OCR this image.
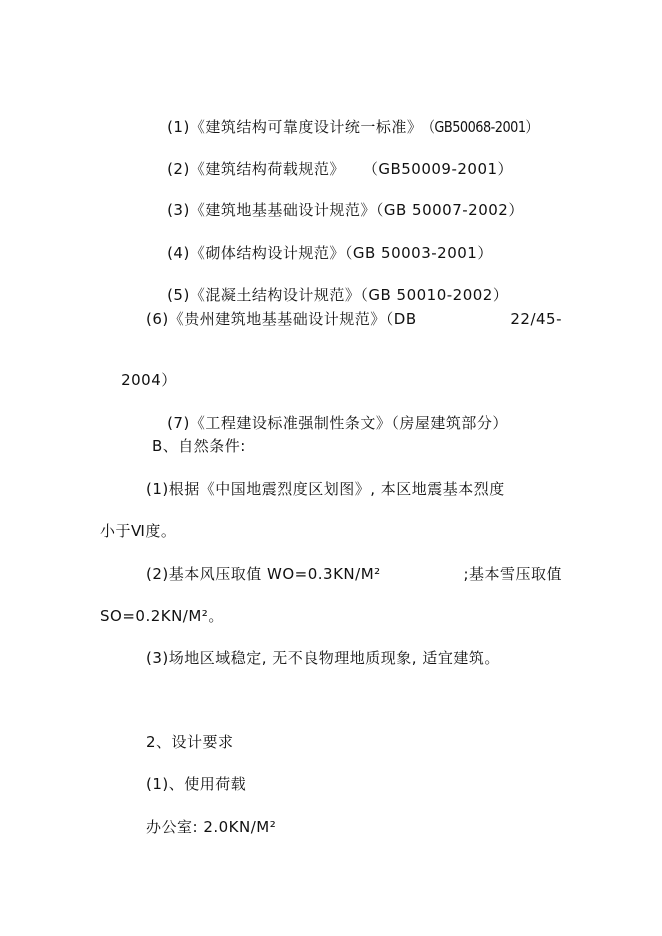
(1)《建筑结构可靠度设计统一标准》（GB50068-2001）

(2)《建筑结构荷载规范》 （GB50009-2001）

(3)《建筑地基基础设计规范》（GB 50007-2002）

(4)《砌体结构设计规范》（GB 50003-2001）

(5)《混凝土结构设计规范》（GB 50010-2002）

(6)《贵州建筑地基基础设计规范》（DB	22/45-

2004）

(7)《工程建设标准强制性条文》（房屋建筑部分）

B、自然条件:
(1)根据《中国地震烈度区划图》, 本区地震基本烈度
小于Ⅵ度。
(2)基本风压取值 WO=0.3KN/M²	;基本雪压取值
SO=0.2KN/M²。
(3)场地区域稳定, 无不良物理地质现象, 适宜建筑。
2、设计要求
(1)、使用荷载
办公室: 2.0KN/M²
